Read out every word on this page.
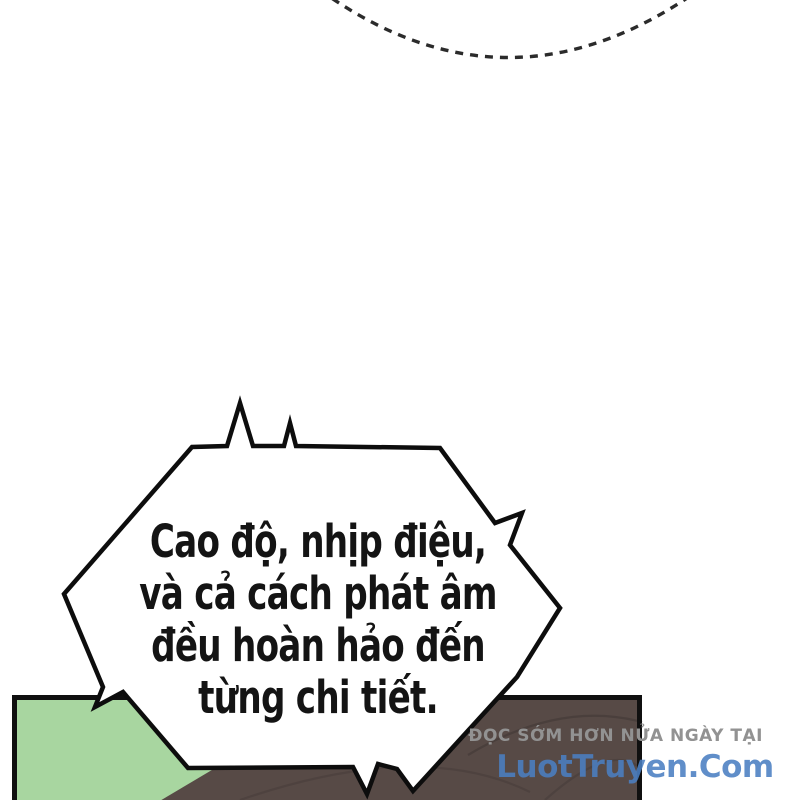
Cao độ, nhịp điệu,
và cả cách phát âm
đều hoàn hảo đến
từng chi tiết.
ĐỌC SỚM HƠN NỬA NGÀY TẠI
LuotTruyen.Com
